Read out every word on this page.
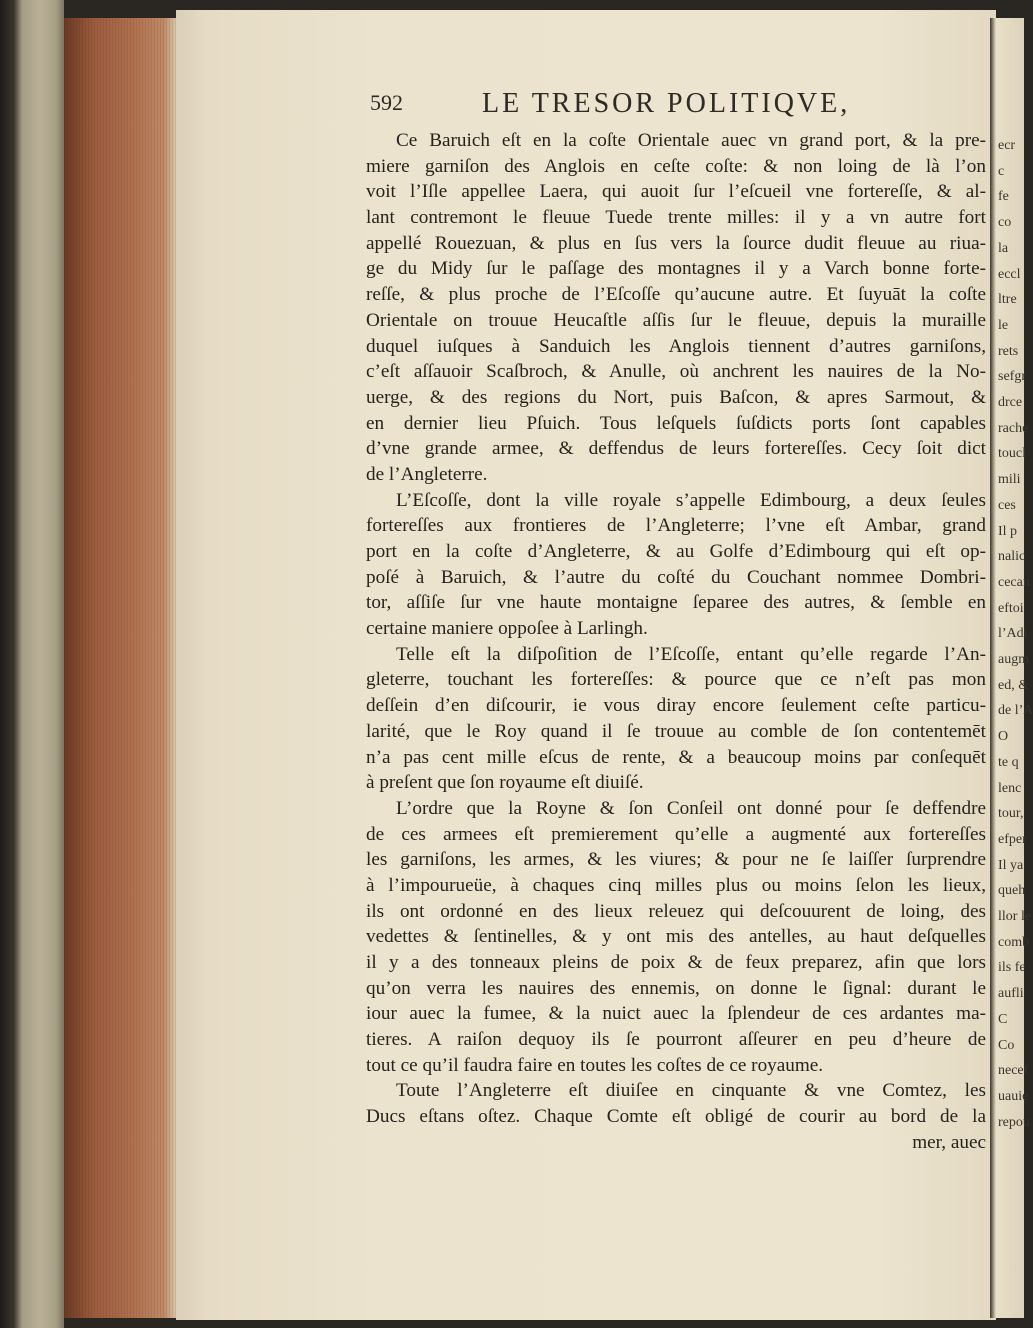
ecr
c
fe
co
la
eccl
ltre
le
rets
sefgr
drce
rache
toucl
mili
ces
Il p
nalic
cecan
eftoi
l’Adi
augm
ed, &
de l’A
O
te q
lenc
tour,
efper
Il ya
queh
llor le
comb
ils fe
aufli
C
Co
necef
uauie
repou
592	LE TRESOR POLITIQVE,
Ce Baruich eſt en la coſte Orientale auec vn grand port, & la pre-
miere garniſon des Anglois en ceſte coſte: & non loing de là l’on
voit l’Iſle appellee Laera, qui auoit ſur l’eſcueil vne fortereſſe, & al-
lant contremont le fleuue Tuede trente milles: il y a vn autre fort
appellé Rouezuan, & plus en ſus vers la ſource dudit fleuue au riua-
ge du Midy ſur le paſſage des montagnes il y a Varch bonne forte-
reſſe, & plus proche de l’Eſcoſſe qu’aucune autre. Et ſuyuāt la coſte
Orientale on trouue Heucaſtle aſſis ſur le fleuue, depuis la muraille
duquel iuſques à Sanduich les Anglois tiennent d’autres garniſons,
c’eſt aſſauoir Scaſbroch, & Anulle, où anchrent les nauires de la No-
uerge, & des regions du Nort, puis Baſcon, & apres Sarmout, &
en dernier lieu Pſuich. Tous leſquels ſuſdicts ports ſont capables
d’vne grande armee, & deffendus de leurs fortereſſes. Cecy ſoit dict
de l’Angleterre.
L’Eſcoſſe, dont la ville royale s’appelle Edimbourg, a deux ſeules
fortereſſes aux frontieres de l’Angleterre; l’vne eſt Ambar, grand
port en la coſte d’Angleterre, & au Golfe d’Edimbourg qui eſt op-
poſé à Baruich, & l’autre du coſté du Couchant nommee Dombri-
tor, aſſiſe ſur vne haute montaigne ſeparee des autres, & ſemble en
certaine maniere oppoſee à Larlingh.
Telle eſt la diſpoſition de l’Eſcoſſe, entant qu’elle regarde l’An-
gleterre, touchant les fortereſſes: & pource que ce n’eſt pas mon
deſſein d’en diſcourir, ie vous diray encore ſeulement ceſte particu-
larité, que le Roy quand il ſe trouue au comble de ſon contentemēt
n’a pas cent mille eſcus de rente, & a beaucoup moins par conſequēt
à preſent que ſon royaume eſt diuiſé.
L’ordre que la Royne & ſon Conſeil ont donné pour ſe deffendre
de ces armees eſt premierement qu’elle a augmenté aux fortereſſes
les garniſons, les armes, & les viures; & pour ne ſe laiſſer ſurprendre
à l’impourueüe, à chaques cinq milles plus ou moins ſelon les lieux,
ils ont ordonné en des lieux releuez qui deſcouurent de loing, des
vedettes & ſentinelles, & y ont mis des antelles, au haut deſquelles
il y a des tonneaux pleins de poix & de feux preparez, afin que lors
qu’on verra les nauires des ennemis, on donne le ſignal: durant le
iour auec la fumee, & la nuict auec la ſplendeur de ces ardantes ma-
tieres. A raiſon dequoy ils ſe pourront aſſeurer en peu d’heure de
tout ce qu’il faudra faire en toutes les coſtes de ce royaume.
Toute l’Angleterre eſt diuiſee en cinquante & vne Comtez, les
Ducs eſtans oſtez. Chaque Comte eſt obligé de courir au bord de la
mer, auec
